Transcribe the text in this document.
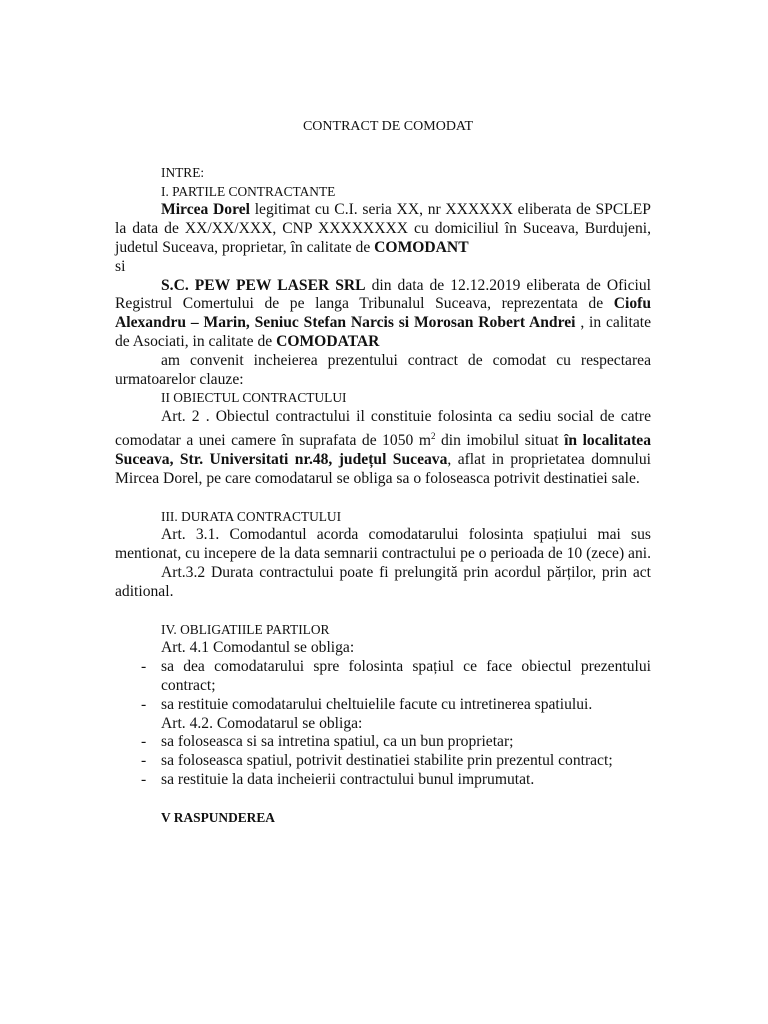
CONTRACT DE COMODAT

INTRE:

I. PARTILE CONTRACTANTE

Mircea Dorel legitimat cu C.I. seria XX, nr XXXXXX eliberata de SPCLEP la data de XX/XX/XXX, CNP XXXXXXXX cu domiciliul în Suceava, Burdujeni, judetul Suceava, proprietar, în calitate de COMODANT

si

S.C. PEW PEW LASER SRL din data de 12.12.2019 eliberata de Oficiul Registrul Comertului de pe langa Tribunalul Suceava, reprezentata de Ciofu Alexandru – Marin, Seniuc Stefan Narcis si Morosan Robert Andrei , in calitate de Asociati, in calitate de COMODATAR

am convenit incheierea prezentului contract de comodat cu respectarea urmatoarelor clauze:

II OBIECTUL CONTRACTULUI

Art. 2 . Obiectul contractului il constituie folosinta ca sediu social de catre comodatar a unei camere în suprafata de 1050 $m^2$ din imobilul situat în localitatea Suceava, Str. Universitati nr.48, județul Suceava, aflat in proprietatea domnului Mircea Dorel, pe care comodatarul se obliga sa o foloseasca potrivit destinatiei sale.

III. DURATA CONTRACTULUI

Art. 3.1. Comodantul acorda comodatarului folosinta spațiului mai sus mentionat, cu incepere de la data semnarii contractului pe o perioada de 10 (zece) ani.

Art.3.2 Durata contractului poate fi prelungită prin acordul părților, prin act aditional.

IV. OBLIGATIILE PARTILOR

Art. 4.1 Comodantul se obliga:

- sa dea comodatarului spre folosinta spațiul ce face obiectul prezentului contract;
- sa restituie comodatarului cheltuielile facute cu intretinerea spatiului.

Art. 4.2. Comodatarul se obliga:

- sa foloseasca si sa intretina spatiul, ca un bun proprietar;
- sa foloseasca spatiul, potrivit destinatiei stabilite prin prezentul contract;
- sa restituie la data incheierii contractului bunul imprumutat.

V RASPUNDEREA
